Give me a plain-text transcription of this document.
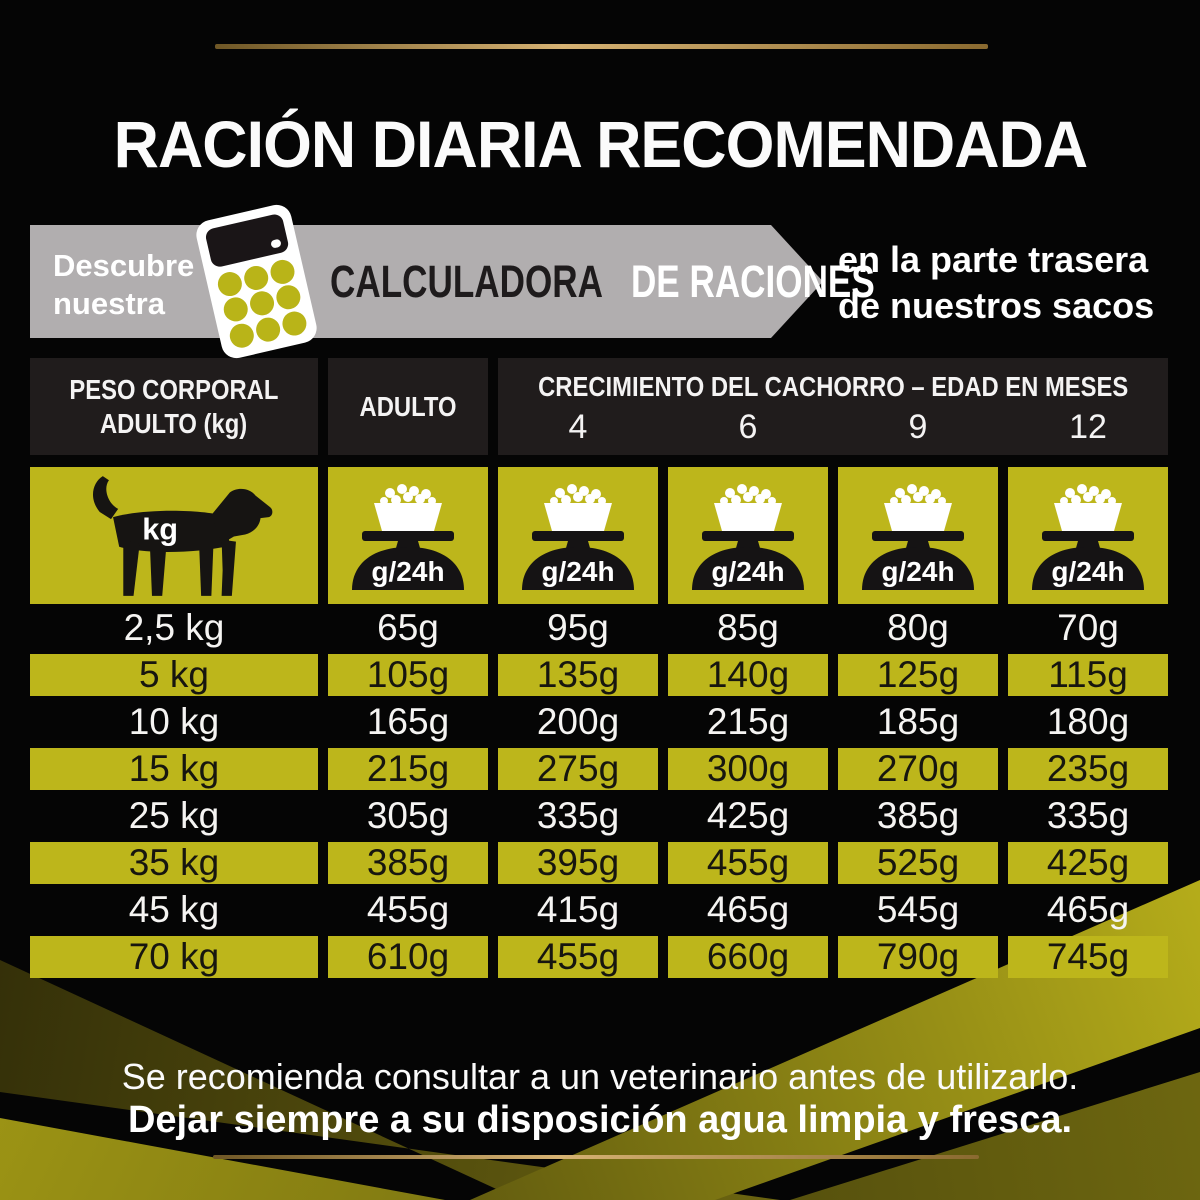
RACIÓN DIARIA RECOMENDADA
Descubre
nuestra	CALCULADORA DE RACIONES
en la parte trasera
de nuestros sacos
PESO CORPORAL
ADULTO (kg)
ADULTO
CRECIMIENTO DEL CACHORRO – EDAD EN MESES
4	6	9	12
kg
g/24h	g/24h	g/24h	g/24h	g/24h
2,5 kg	65g	95g	85g	80g	70g
5 kg	105g	135g	140g	125g	115g
10 kg	165g	200g	215g	185g	180g
15 kg	215g	275g	300g	270g	235g
25 kg	305g	335g	425g	385g	335g
35 kg	385g	395g	455g	525g	425g
45 kg	455g	415g	465g	545g	465g
70 kg	610g	455g	660g	790g	745g
Se recomienda consultar a un veterinario antes de utilizarlo.
Dejar siempre a su disposición agua limpia y fresca.
